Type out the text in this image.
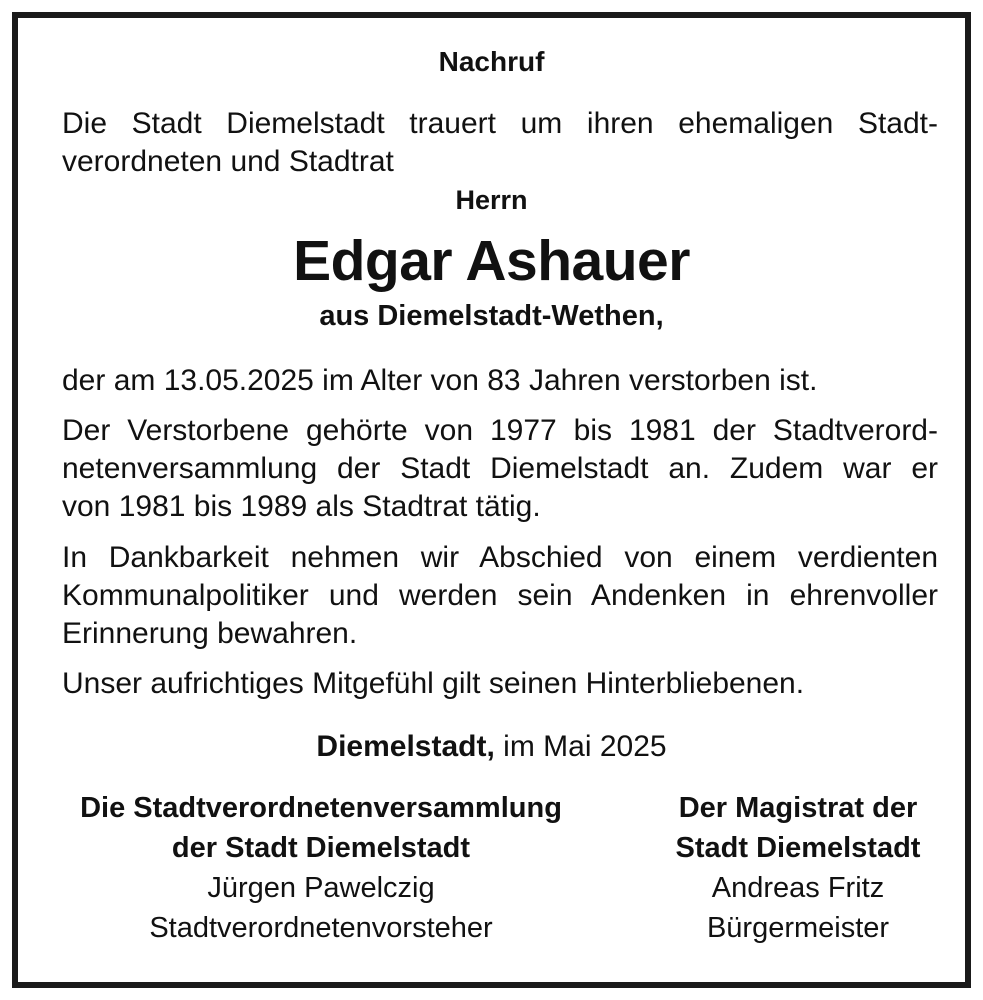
Nachruf
Die Stadt Diemelstadt trauert um ihren ehemaligen Stadt-
verordneten und Stadtrat
Herrn
Edgar Ashauer
aus Diemelstadt-Wethen,
der am 13.05.2025 im Alter von 83 Jahren verstorben ist.
Der Verstorbene gehörte von 1977 bis 1981 der Stadtverord-
netenversammlung der Stadt Diemelstadt an. Zudem war er
von 1981 bis 1989 als Stadtrat tätig.
In Dankbarkeit nehmen wir Abschied von einem verdienten
Kommunalpolitiker und werden sein Andenken in ehrenvoller
Erinnerung bewahren.
Unser aufrichtiges Mitgefühl gilt seinen Hinterbliebenen.
Diemelstadt, im Mai 2025
Die Stadtverordnetenversammlung
der Stadt Diemelstadt
Jürgen Pawelczig
Stadtverordnetenvorsteher
Der Magistrat der
Stadt Diemelstadt
Andreas Fritz
Bürgermeister
